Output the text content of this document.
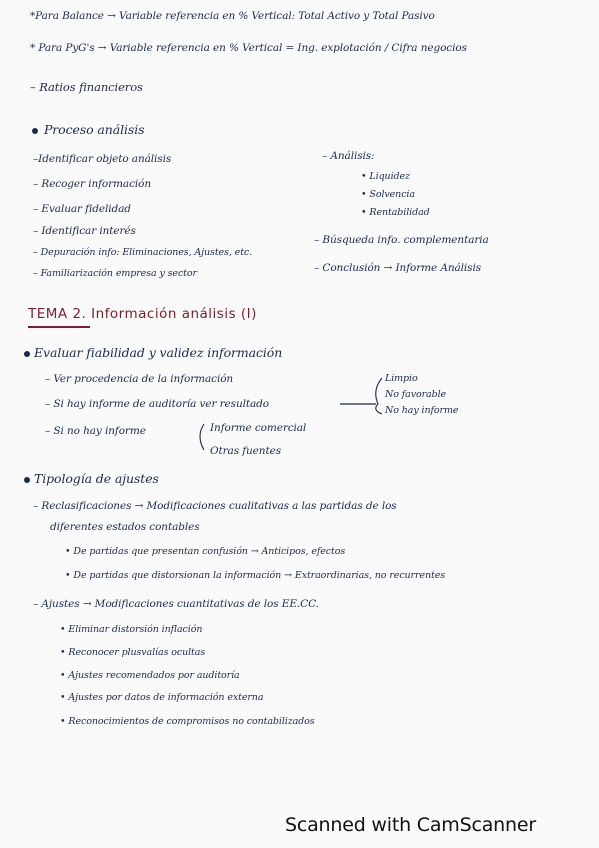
*Para Balance → Variable referencia en % Vertical: Total Activo y Total Pasivo
* Para PyG's → Variable referencia en % Vertical = Ing. explotación / Cifra negocios
– Ratios financieros
Proceso análisis
–Identificar objeto análisis
– Recoger información
– Evaluar fidelidad
– Identificar interés
– Depuración info: Eliminaciones, Ajustes, etc.
– Familiarización empresa y sector
– Análisis:
• Liquidez
• Solvencia
• Rentabilidad
– Búsqueda info. complementaria
– Conclusión → Informe Análisis
TEMA 2. Información análisis (I)
Evaluar fiabilidad y validez información
– Ver procedencia de la información
– Si hay informe de auditoría ver resultado
Limpio
No favorable
No hay informe
– Si no hay informe	Informe comercial
Otras fuentes
Tipología de ajustes
– Reclasificaciones → Modificaciones cualitativas a las partidas de los
diferentes estados contables
• De partidas que presentan confusión → Anticipos, efectos
• De partidas que distorsionan la información → Extraordinarias, no recurrentes
– Ajustes → Modificaciones cuantitativas de los EE.CC.
• Eliminar distorsión inflación
• Reconocer plusvalías ocultas
• Ajustes recomendados por auditoría
• Ajustes por datos de información externa
• Reconocimientos de compromisos no contabilizados
Scanned with CamScanner
